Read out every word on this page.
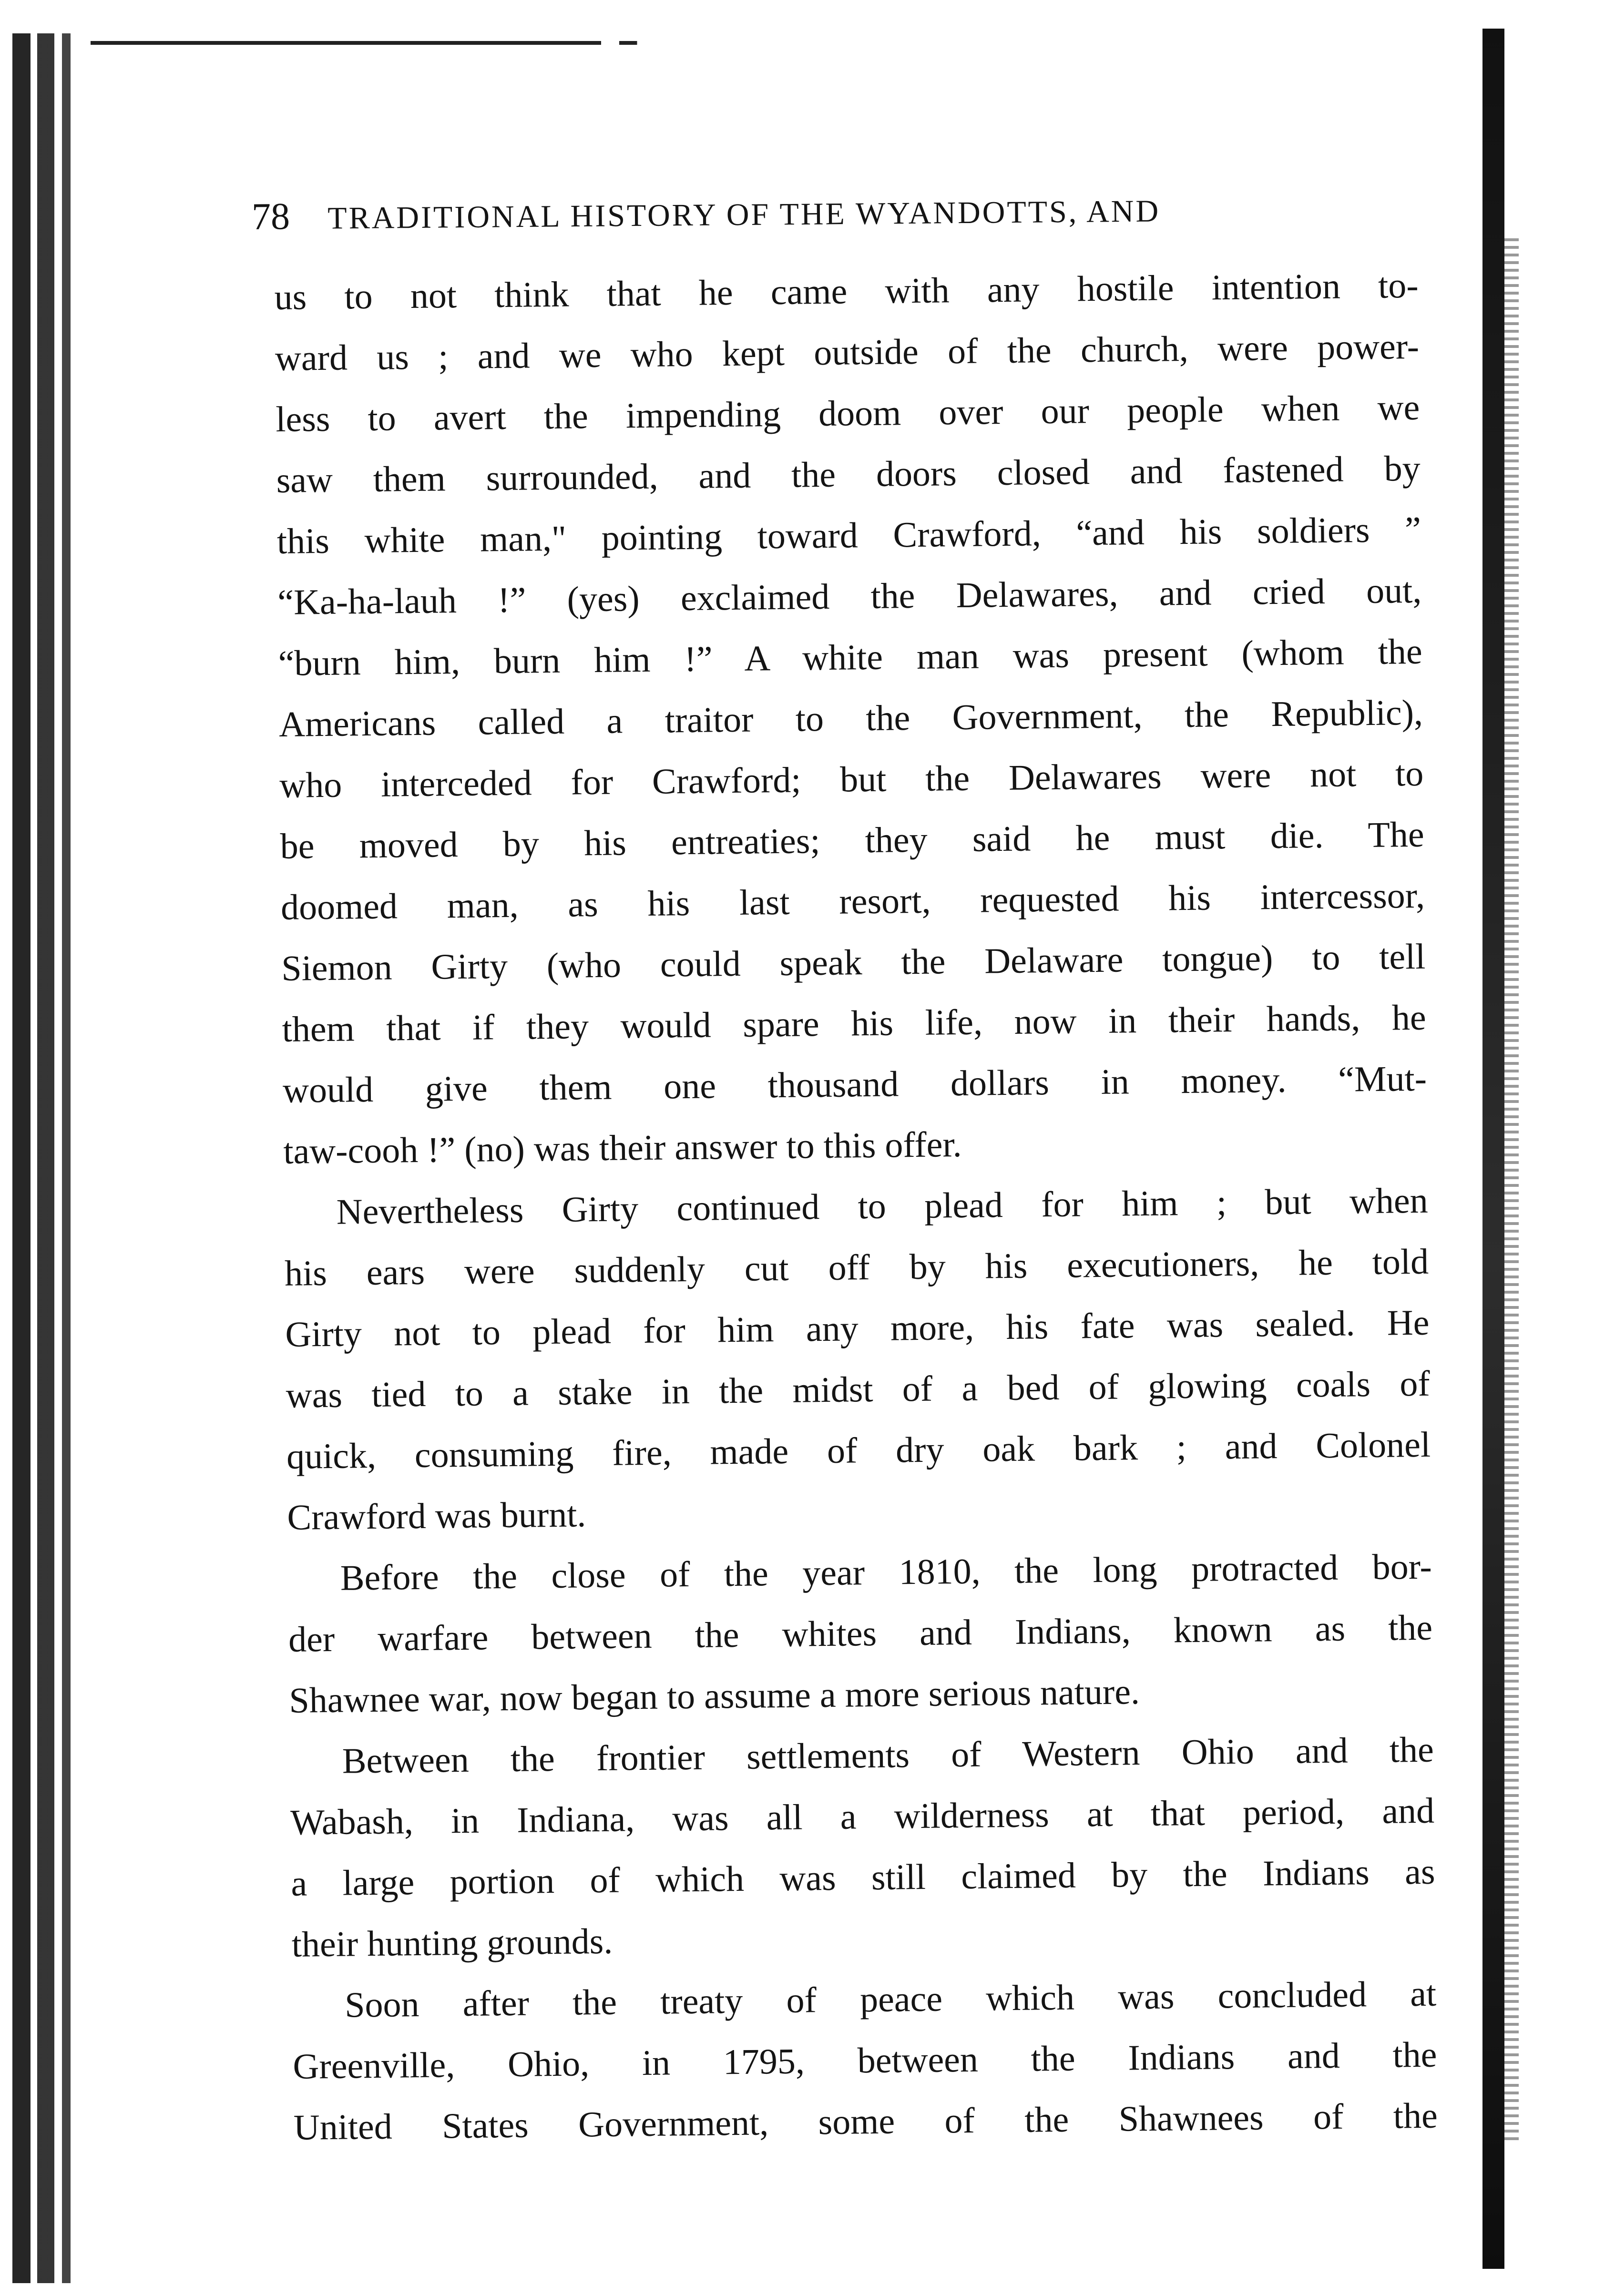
78 TRADITIONAL HISTORY OF THE WYANDOTTS, AND
us to not think that he came with any hostile intention to-
ward us ; and we who kept outside of the church, were power-
less to avert the impending doom over our people when we
saw them surrounded, and the doors closed and fastened by
this white man," pointing toward Crawford, “and his soldiers ”
“Ka-ha-lauh !” (yes) exclaimed the Delawares, and cried out,
“burn him, burn him !” A white man was present (whom the
Americans called a traitor to the Government, the Republic),
who interceded for Crawford; but the Delawares were not to
be moved by his entreaties; they said he must die. The
doomed man, as his last resort, requested his intercessor,
Siemon Girty (who could speak the Delaware tongue) to tell
them that if they would spare his life, now in their hands, he
would give them one thousand dollars in money. “Mut-
taw-cooh !” (no) was their answer to this offer.
Nevertheless Girty continued to plead for him ; but when
his ears were suddenly cut off by his executioners, he told
Girty not to plead for him any more, his fate was sealed. He
was tied to a stake in the midst of a bed of glowing coals of
quick, consuming fire, made of dry oak bark ; and Colonel
Crawford was burnt.
Before the close of the year 1810, the long protracted bor-
der warfare between the whites and Indians, known as the
Shawnee war, now began to assume a more serious nature.
Between the frontier settlements of Western Ohio and the
Wabash, in Indiana, was all a wilderness at that period, and
a large portion of which was still claimed by the Indians as
their hunting grounds.
Soon after the treaty of peace which was concluded at
Greenville, Ohio, in 1795, between the Indians and the
United States Government, some of the Shawnees of the
